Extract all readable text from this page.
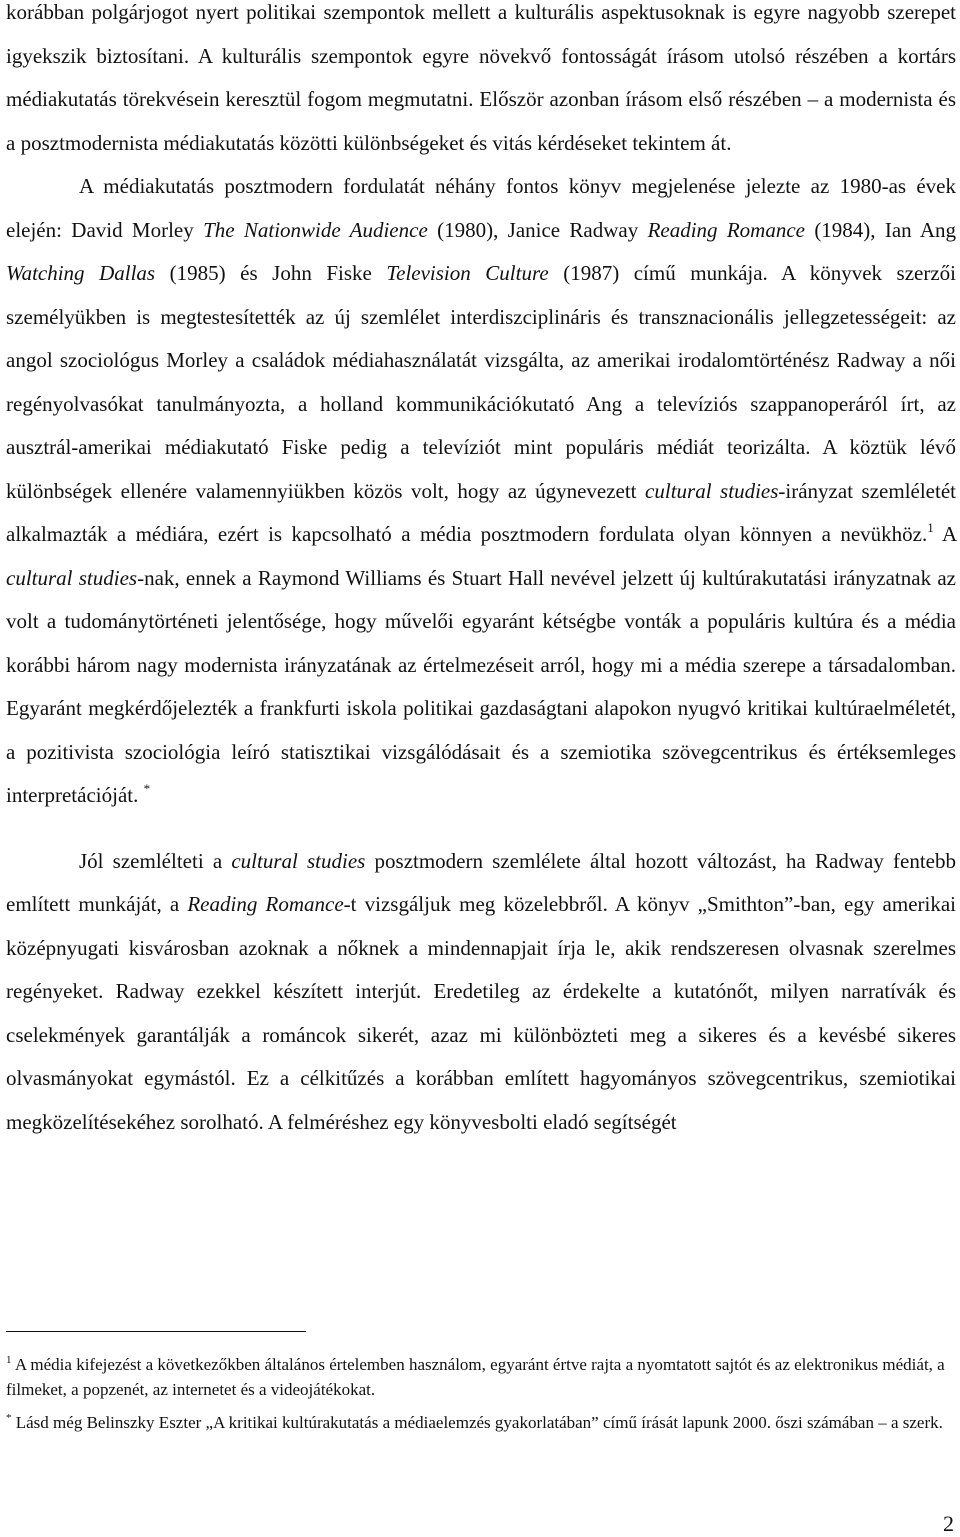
korábban polgárjogot nyert politikai szempontok mellett a kulturális aspektusoknak is egyre nagyobb szerepet igyekszik biztosítani. A kulturális szempontok egyre növekvő fontosságát írásom utolsó részében a kortárs médiakutatás törekvésein keresztül fogom megmutatni. Először azonban írásom első részében – a modernista és a posztmodernista médiakutatás közötti különbségeket és vitás kérdéseket tekintem át.

A médiakutatás posztmodern fordulatát néhány fontos könyv megjelenése jelezte az 1980-as évek elején: David Morley The Nationwide Audience (1980), Janice Radway Reading Romance (1984), Ian Ang Watching Dallas (1985) és John Fiske Television Culture (1987) című munkája. A könyvek szerzői személyükben is megtestesítették az új szemlélet interdiszciplináris és transznacionális jellegzetességeit: az angol szociológus Morley a családok médiahasználatát vizsgálta, az amerikai irodalomtörténész Radway a női regényolvasókat tanulmányozta, a holland kommunikációkutató Ang a televíziós szappanoperáról írt, az ausztrál-amerikai médiakutató Fiske pedig a televíziót mint populáris médiát teorizálta. A köztük lévő különbségek ellenére valamennyiükben közös volt, hogy az úgynevezett cultural studies-irányzat szemléletét alkalmazták a médiára, ezért is kapcsolható a média posztmodern fordulata olyan könnyen a nevükhöz.$^1$ A cultural studies-nak, ennek a Raymond Williams és Stuart Hall nevével jelzett új kultúrakutatási irányzatnak az volt a tudománytörténeti jelentősége, hogy művelői egyaránt kétségbe vonták a populáris kultúra és a média korábbi három nagy modernista irányzatának az értelmezéseit arról, hogy mi a média szerepe a társadalomban. Egyaránt megkérdőjelezték a frankfurti iskola politikai gazdaságtani alapokon nyugvó kritikai kultúraelméletét, a pozitivista szociológia leíró statisztikai vizsgálódásait és a szemiotika szövegcentrikus és értéksemleges interpretációját. *

Jól szemlélteti a cultural studies posztmodern szemlélete által hozott változást, ha Radway fentebb említett munkáját, a Reading Romance-t vizsgáljuk meg közelebbről. A könyv „Smithton”-ban, egy amerikai középnyugati kisvárosban azoknak a nőknek a mindennapjait írja le, akik rendszeresen olvasnak szerelmes regényeket. Radway ezekkel készített interjút. Eredetileg az érdekelte a kutatónőt, milyen narratívák és cselekmények garantálják a románcok sikerét, azaz mi különbözteti meg a sikeres és a kevésbé sikeres olvasmányokat egymástól. Ez a célkitűzés a korábban említett hagyományos szövegcentrikus, szemiotikai megközelítésekéhez sorolható. A felméréshez egy könyvesbolti eladó segítségét

$^1$ A média kifejezést a következőkben általános értelemben használom, egyaránt értve rajta a nyomtatott sajtót és az elektronikus médiát, a filmeket, a popzenét, az internetet és a videojátékokat.

* Lásd még Belinszky Eszter „A kritikai kultúrakutatás a médiaelemzés gyakorlatában” című írását lapunk 2000. őszi számában – a szerk.

2
